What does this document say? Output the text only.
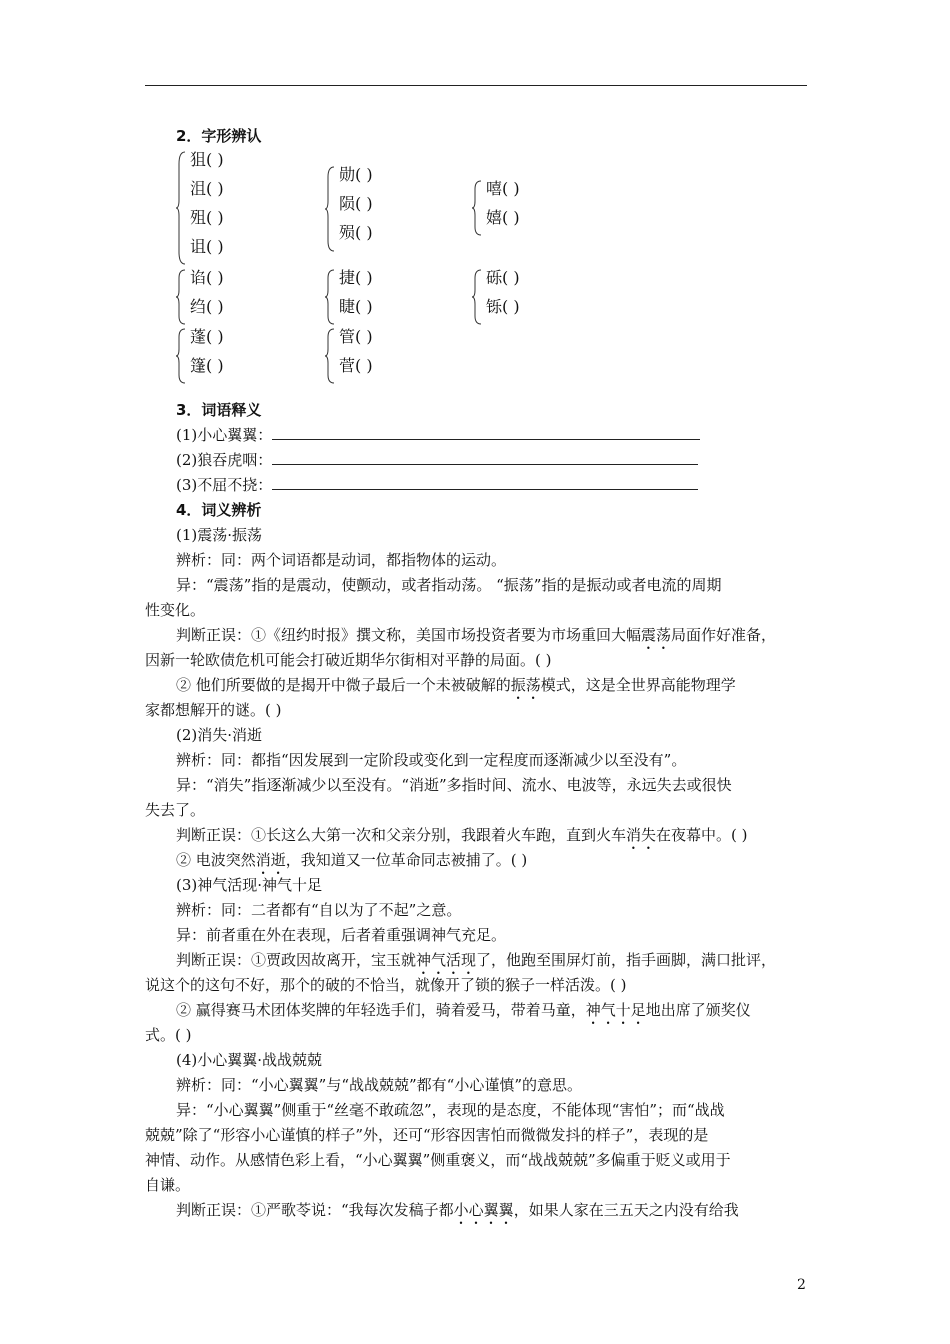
2．字形辨认
狙( )
沮( )
殂( )
诅( )
勋( )
陨( )
殒( )
嘻( )
嬉( )
谄( )
绉( )
捷( )
睫( )
砾( )
铄( )
蓬( )
篷( )
管( )
菅( )
3．词语释义
(1)小心翼翼：
(2)狼吞虎咽：
(3)不屈不挠：
4．词义辨析
(1)震荡·振荡
辨析：同：两个词语都是动词，都指物体的运动。
异：“震荡”指的是震动，使颤动，或者指动荡。 “振荡”指的是振动或者电流的周期
性变化。
判断正误：①《纽约时报》撰文称，美国市场投资者要为市场重回大幅震荡局面作好准备，
因新一轮欧债危机可能会打破近期华尔街相对平静的局面。( )
② 他们所要做的是揭开中微子最后一个未被破解的振荡模式，这是全世界高能物理学
家都想解开的谜。( )
(2)消失·消逝
辨析：同：都指“因发展到一定阶段或变化到一定程度而逐渐减少以至没有”。
异：“消失”指逐渐减少以至没有。“消逝”多指时间、流水、电波等，永远失去或很快
失去了。
判断正误：①长这么大第一次和父亲分别，我跟着火车跑，直到火车消失在夜幕中。( )
② 电波突然消逝，我知道又一位革命同志被捕了。( )
(3)神气活现·神气十足
辨析：同：二者都有“自以为了不起”之意。
异：前者重在外在表现，后者着重强调神气充足。
判断正误：①贾政因故离开，宝玉就神气活现了，他跑至围屏灯前，指手画脚，满口批评，
说这个的这句不好，那个的破的不恰当，就像开了锁的猴子一样活泼。( )
② 赢得赛马术团体奖牌的年轻选手们，骑着爱马，带着马童，神气十足地出席了颁奖仪
式。( )
(4)小心翼翼·战战兢兢
辨析：同：“小心翼翼”与“战战兢兢”都有“小心谨慎”的意思。
异：“小心翼翼”侧重于“丝毫不敢疏忽”，表现的是态度，不能体现“害怕”；而“战战
兢兢”除了“形容小心谨慎的样子”外，还可“形容因害怕而微微发抖的样子”，表现的是
神情、动作。从感情色彩上看，“小心翼翼”侧重褒义，而“战战兢兢”多偏重于贬义或用于
自谦。
判断正误：①严歌苓说：“我每次发稿子都小心翼翼，如果人家在三五天之内没有给我
2
